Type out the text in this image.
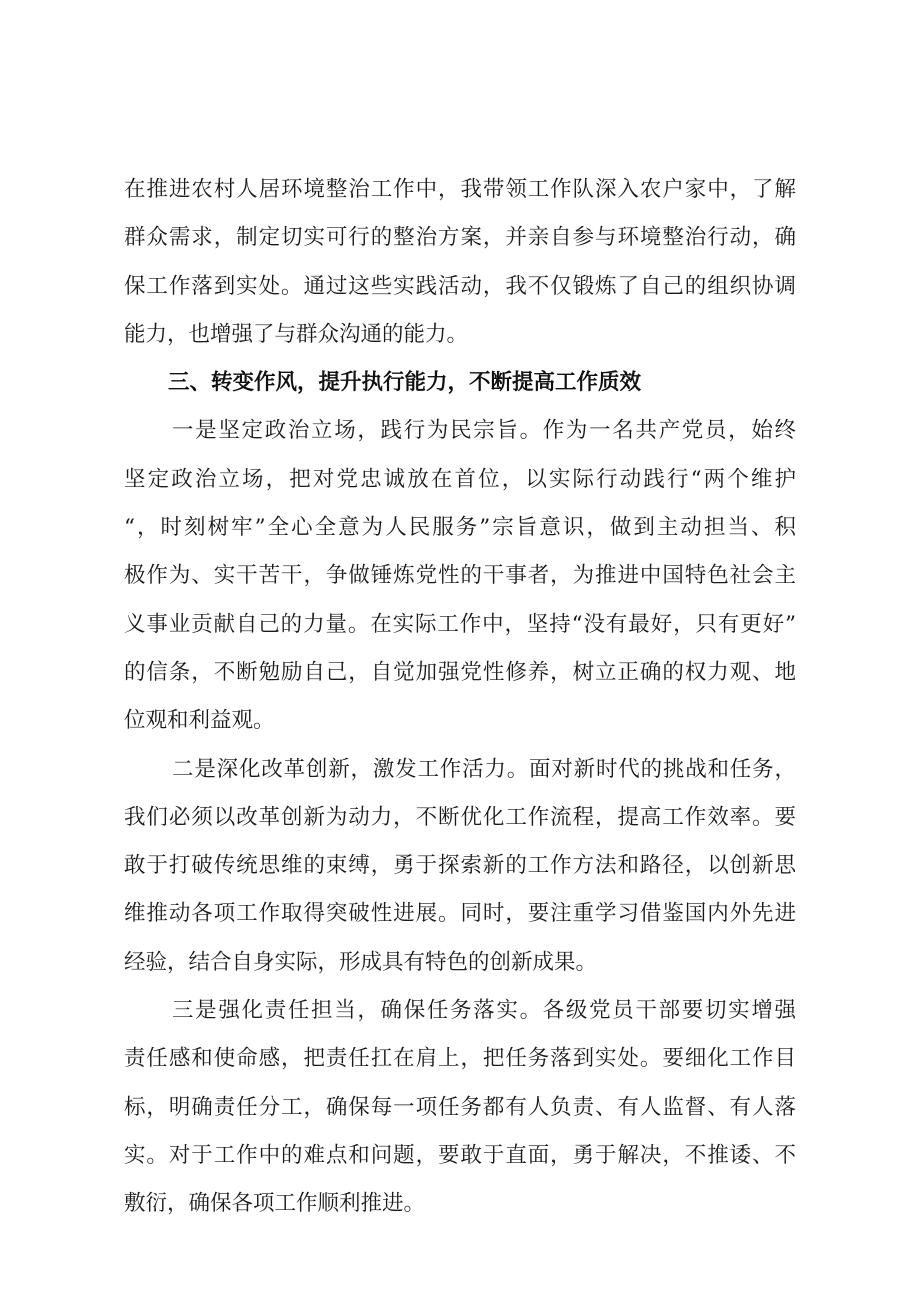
在推进农村人居环境整治工作中，我带领工作队深入农户家中，了解
群众需求，制定切实可行的整治方案，并亲自参与环境整治行动，确
保工作落到实处。通过这些实践活动，我不仅锻炼了自己的组织协调
能力，也增强了与群众沟通的能力。
三、转变作风，提升执行能力，不断提高工作质效
一是坚定政治立场，践行为民宗旨。作为一名共产党员，始终
坚定政治立场，把对党忠诚放在首位，以实际行动践行“两个维护
“，时刻树牢”全心全意为人民服务”宗旨意识，做到主动担当、积
极作为、实干苦干，争做锤炼党性的干事者，为推进中国特色社会主
义事业贡献自己的力量。在实际工作中，坚持“没有最好，只有更好”
的信条，不断勉励自己，自觉加强党性修养，树立正确的权力观、地
位观和利益观。
二是深化改革创新，激发工作活力。面对新时代的挑战和任务，
我们必须以改革创新为动力，不断优化工作流程，提高工作效率。要
敢于打破传统思维的束缚，勇于探索新的工作方法和路径，以创新思
维推动各项工作取得突破性进展。同时，要注重学习借鉴国内外先进
经验，结合自身实际，形成具有特色的创新成果。
三是强化责任担当，确保任务落实。各级党员干部要切实增强
责任感和使命感，把责任扛在肩上，把任务落到实处。要细化工作目
标，明确责任分工，确保每一项任务都有人负责、有人监督、有人落
实。对于工作中的难点和问题，要敢于直面，勇于解决，不推诿、不
敷衍，确保各项工作顺利推进。
